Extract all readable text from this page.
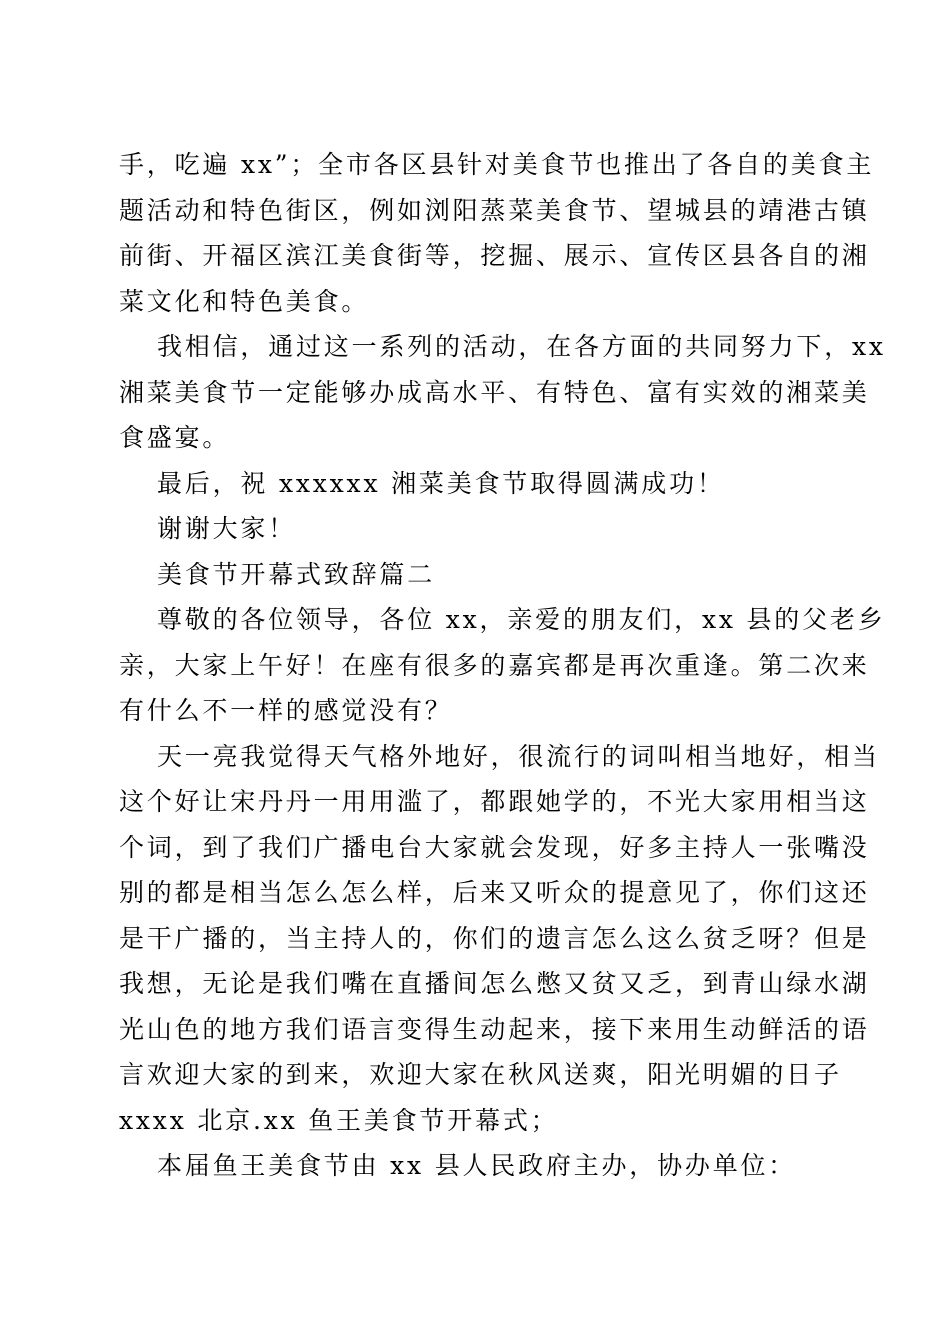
手，吃遍 xx”；全市各区县针对美食节也推出了各自的美食主
题活动和特色街区，例如浏阳蒸菜美食节、望城县的靖港古镇
前街、开福区滨江美食街等，挖掘、展示、宣传区县各自的湘
菜文化和特色美食。
我相信，通过这一系列的活动，在各方面的共同努力下，xx
湘菜美食节一定能够办成高水平、有特色、富有实效的湘菜美
食盛宴。
最后，祝 xxxxxx 湘菜美食节取得圆满成功！
谢谢大家！
美食节开幕式致辞篇二
尊敬的各位领导，各位 xx，亲爱的朋友们，xx 县的父老乡
亲，大家上午好！在座有很多的嘉宾都是再次重逢。第二次来
有什么不一样的感觉没有？
天一亮我觉得天气格外地好，很流行的词叫相当地好，相当
这个好让宋丹丹一用用滥了，都跟她学的，不光大家用相当这
个词，到了我们广播电台大家就会发现，好多主持人一张嘴没
别的都是相当怎么怎么样，后来又听众的提意见了，你们这还
是干广播的，当主持人的，你们的遗言怎么这么贫乏呀？但是
我想，无论是我们嘴在直播间怎么憋又贫又乏，到青山绿水湖
光山色的地方我们语言变得生动起来，接下来用生动鲜活的语
言欢迎大家的到来，欢迎大家在秋风送爽，阳光明媚的日子
xxxx 北京.xx 鱼王美食节开幕式；
本届鱼王美食节由 xx 县人民政府主办，协办单位：
